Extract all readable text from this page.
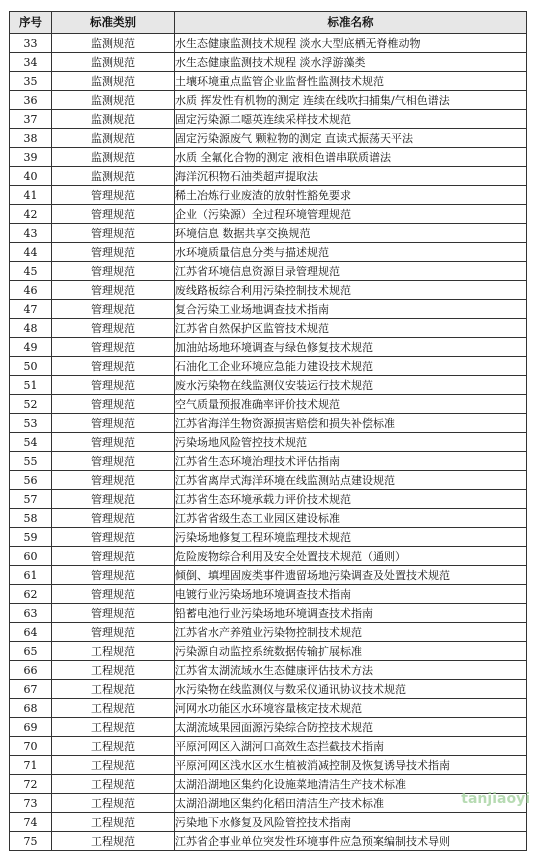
序号	标准类别	标准名称
33	监测规范	水生态健康监测技术规程 淡水大型底栖无脊椎动物
34	监测规范	水生态健康监测技术规程 淡水浮游藻类
35	监测规范	土壤环境重点监管企业监督性监测技术规范
36	监测规范	水质 挥发性有机物的测定 连续在线吹扫捕集/气相色谱法
37	监测规范	固定污染源二噁英连续采样技术规范
38	监测规范	固定污染源废气 颗粒物的测定 直读式振荡天平法
39	监测规范	水质 全氟化合物的测定 液相色谱串联质谱法
40	监测规范	海洋沉积物石油类超声提取法
41	管理规范	稀土冶炼行业废渣的放射性豁免要求
42	管理规范	企业（污染源）全过程环境管理规范
43	管理规范	环境信息 数据共享交换规范
44	管理规范	水环境质量信息分类与描述规范
45	管理规范	江苏省环境信息资源目录管理规范
46	管理规范	废线路板综合利用污染控制技术规范
47	管理规范	复合污染工业场地调查技术指南
48	管理规范	江苏省自然保护区监管技术规范
49	管理规范	加油站场地环境调查与绿色修复技术规范
50	管理规范	石油化工企业环境应急能力建设技术规范
51	管理规范	废水污染物在线监测仪安装运行技术规范
52	管理规范	空气质量预报准确率评价技术规范
53	管理规范	江苏省海洋生物资源损害赔偿和损失补偿标准
54	管理规范	污染场地风险管控技术规范
55	管理规范	江苏省生态环境治理技术评估指南
56	管理规范	江苏省离岸式海洋环境在线监测站点建设规范
57	管理规范	江苏省生态环境承载力评价技术规范
58	管理规范	江苏省省级生态工业园区建设标准
59	管理规范	污染场地修复工程环境监理技术规范
60	管理规范	危险废物综合利用及安全处置技术规范（通则）
61	管理规范	倾倒、填埋固废类事件遗留场地污染调查及处置技术规范
62	管理规范	电镀行业污染场地环境调查技术指南
63	管理规范	铅蓄电池行业污染场地环境调查技术指南
64	管理规范	江苏省水产养殖业污染物控制技术规范
65	工程规范	污染源自动监控系统数据传输扩展标准
66	工程规范	江苏省太湖流域水生态健康评估技术方法
67	工程规范	水污染物在线监测仪与数采仪通讯协议技术规范
68	工程规范	河网水功能区水环境容量核定技术规范
69	工程规范	太湖流域果园面源污染综合防控技术规范
70	工程规范	平原河网区入湖河口高效生态拦截技术指南
71	工程规范	平原河网区浅水区水生植被消减控制及恢复诱导技术指南
72	工程规范	太湖沿湖地区集约化设施菜地清洁生产技术标准
73	工程规范	太湖沿湖地区集约化稻田清洁生产技术标准
74	工程规范	污染地下水修复及风险管控技术指南
75	工程规范	江苏省企事业单位突发性环境事件应急预案编制技术导则
tanjiaoyi
